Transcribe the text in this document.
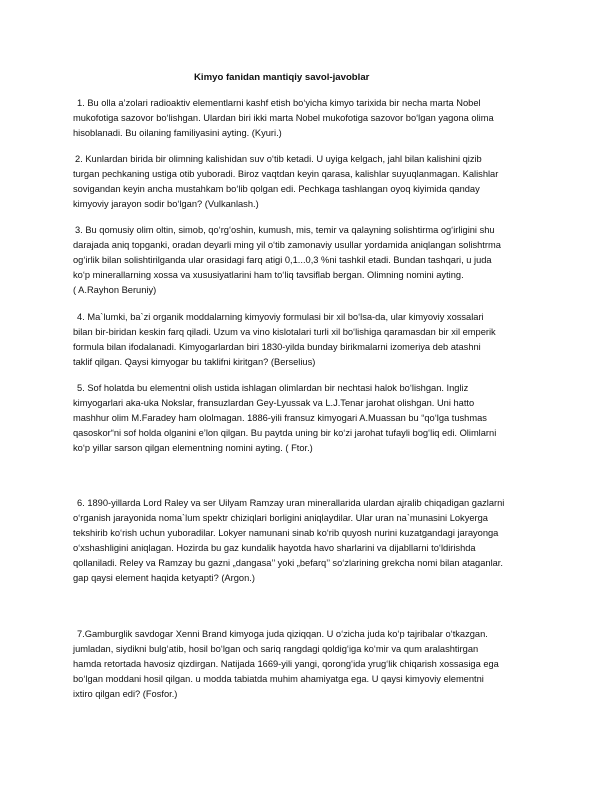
Kimyo fanidan mantiqiy savol-javoblar
1. Bu olla a’zolari radioaktiv elementlarni kashf etish bo‘yicha kimyo tarixida bir necha marta Nobel
mukofotiga sazovor bo‘lishgan. Ulardan biri ikki marta Nobel mukofotiga sazovor bo‘lgan yagona olima
hisoblanadi. Bu oilaning familiyasini ayting. (Kyuri.)
2. Kunlardan birida bir olimning kalishidan suv o‘tib ketadi. U uyiga kelgach, jahl bilan kalishini qizib
turgan pechkaning ustiga otib yuboradi. Biroz vaqtdan keyin qarasa, kalishlar suyuqlanmagan. Kalishlar
sovigandan keyin ancha mustahkam bo‘lib qolgan edi. Pechkaga tashlangan oyoq kiyimida qanday
kimyoviy jarayon sodir bo‘lgan? (Vulkanlash.)
3. Bu qomusiy olim oltin, simob, qo‘rg‘oshin, kumush, mis, temir va qalayning solishtirma og‘irligini shu
darajada aniq topganki, oradan deyarli ming yil o‘tib zamonaviy usullar yordamida aniqlangan solishtrma
og‘irlik bilan solishtirilganda ular orasidagi farq atigi 0,1...0,3 %ni tashkil etadi. Bundan tashqari, u juda
ko‘p minerallarning xossa va xususiyatlarini ham to‘liq tavsiflab bergan. Olimning nomini ayting.
( A.Rayhon Beruniy)
4. Ma`lumki, ba`zi organik moddalarning kimyoviy formulasi bir xil bo‘lsa-da, ular kimyoviy xossalari
bilan bir-biridan keskin farq qiladi. Uzum va vino kislotalari turli xil bo‘lishiga qaramasdan bir xil emperik
formula bilan ifodalanadi. Kimyogarlardan biri 1830-yilda bunday birikmalarni izomeriya deb atashni
taklif qilgan. Qaysi kimyogar bu taklifni kiritgan? (Berselius)
5. Sof holatda bu elementni olish ustida ishlagan olimlardan bir nechtasi halok bo‘lishgan. Ingliz
kimyogarlari aka-uka Nokslar, fransuzlardan Gey-Lyussak va L.J.Tenar jarohat olishgan. Uni hatto
mashhur olim M.Faradey ham ololmagan. 1886-yili fransuz kimyogari A.Muassan bu “qo‘lga tushmas
qasoskor“ni sof holda olganini e’lon qilgan. Bu paytda uning bir ko‘zi jarohat tufayli bog‘liq edi. Olimlarni
ko‘p yillar sarson qilgan elementning nomini ayting. ( Ftor.)
6. 1890-yillarda Lord Raley va ser Uilyam Ramzay uran minerallarida ulardan ajralib chiqadigan gazlarni
o‘rganish jarayonida noma`lum spektr chiziqlari borligini aniqlaydilar. Ular uran na`munasini Lokyerga
tekshirib ko‘rish uchun yuboradilar. Lokyer namunani sinab ko‘rib quyosh nurini kuzatgandagi jarayonga
o‘xshashligini aniqlagan. Hozirda bu gaz kundalik hayotda havo sharlarini va dijabllarni to‘ldirishda
qollaniladi. Reley va Ramzay bu gazni „dangasa’’ yoki „befarq’’ so‘zlarining grekcha nomi bilan ataganlar.
gap qaysi element haqida ketyapti? (Argon.)
7.Gamburglik savdogar Xenni Brand kimyoga juda qiziqqan. U o‘zicha juda ko‘p tajribalar o‘tkazgan.
jumladan, siydikni bulg‘atib, hosil bo‘lgan och sariq rangdagi qoldig‘iga ko‘mir va qum aralashtirgan
hamda retortada havosiz qizdirgan. Natijada 1669-yili yangi, qorong‘ida yrug‘lik chiqarish xossasiga ega
bo‘lgan moddani hosil qilgan. u modda tabiatda muhim ahamiyatga ega. U qaysi kimyoviy elementni
ixtiro qilgan edi? (Fosfor.)
